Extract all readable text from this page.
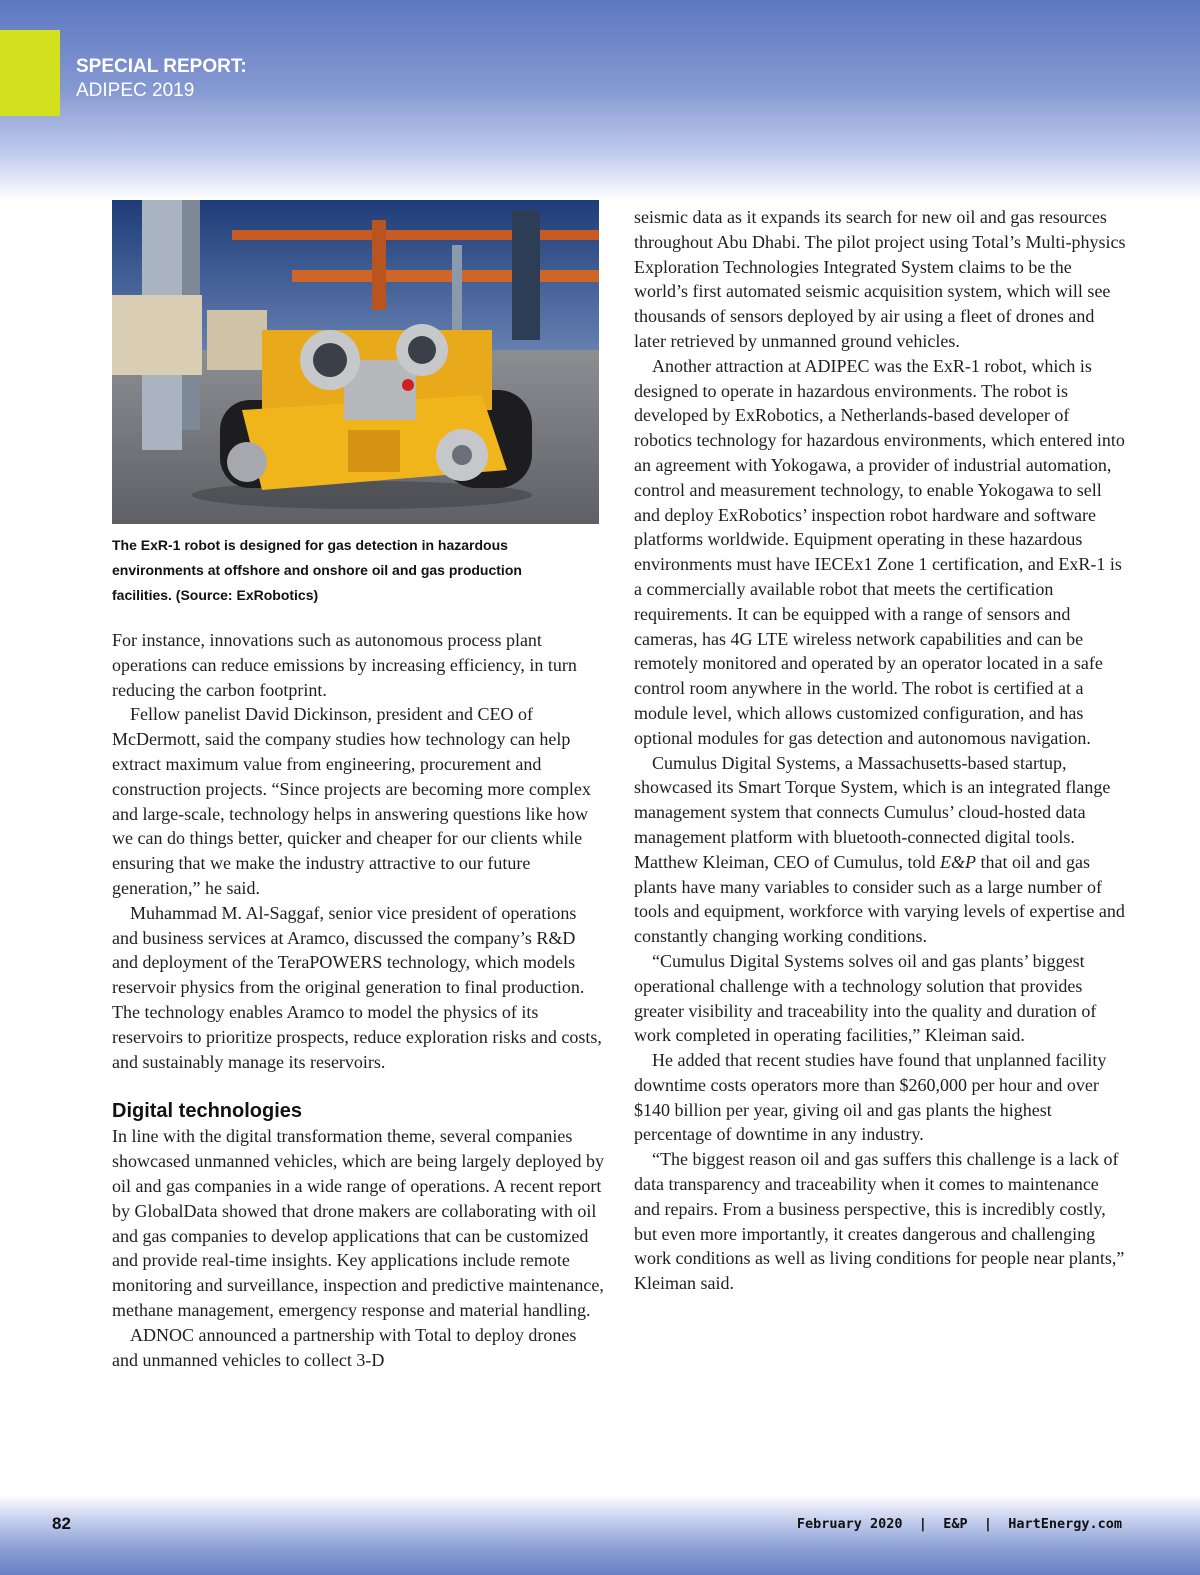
SPECIAL REPORT:
ADIPEC 2019
The ExR-1 robot is designed for gas detection in hazardous
environments at offshore and onshore oil and gas production
facilities. (Source: ExRobotics)

For instance, innovations such as autonomous process plant operations can reduce emissions by increasing efficiency, in turn reducing the carbon footprint.

Fellow panelist David Dickinson, president and CEO of McDermott, said the company studies how technology can help extract maximum value from engineering, procurement and construction projects. “Since projects are becoming more complex and large-scale, technology helps in answering questions like how we can do things better, quicker and cheaper for our clients while ensuring that we make the industry attractive to our future generation,” he said.

Muhammad M. Al-Saggaf, senior vice president of operations and business services at Aramco, discussed the company’s R&D and deployment of the TeraPOWERS technology, which models reservoir physics from the original generation to final production. The technology enables Aramco to model the physics of its reservoirs to prioritize prospects, reduce exploration risks and costs, and sustainably manage its reservoirs.

Digital technologies

In line with the digital transformation theme, several companies showcased unmanned vehicles, which are being largely deployed by oil and gas companies in a wide range of operations. A recent report by GlobalData showed that drone makers are collaborating with oil and gas companies to develop applications that can be customized and provide real-time insights. Key applications include remote monitoring and surveillance, inspection and predictive maintenance, methane management, emergency response and material handling.

ADNOC announced a partnership with Total to deploy drones and unmanned vehicles to collect 3-D

seismic data as it expands its search for new oil and gas resources throughout Abu Dhabi. The pilot project using Total’s Multi-physics Exploration Technologies Integrated System claims to be the world’s first automated seismic acquisition system, which will see thousands of sensors deployed by air using a fleet of drones and later retrieved by unmanned ground vehicles.

Another attraction at ADIPEC was the ExR-1 robot, which is designed to operate in hazardous environments. The robot is developed by ExRobotics, a Netherlands-based developer of robotics technology for hazardous environments, which entered into an agreement with Yokogawa, a provider of industrial automation, control and measurement technology, to enable Yokogawa to sell and deploy ExRobotics’ inspection robot hardware and software platforms worldwide. Equipment operating in these hazardous environments must have IECEx1 Zone 1 certification, and ExR-1 is a commercially available robot that meets the certification requirements. It can be equipped with a range of sensors and cameras, has 4G LTE wireless network capabilities and can be remotely monitored and operated by an operator located in a safe control room anywhere in the world. The robot is certified at a module level, which allows customized configuration, and has optional modules for gas detection and autonomous navigation.

Cumulus Digital Systems, a Massachusetts-based startup, showcased its Smart Torque System, which is an integrated flange management system that connects Cumulus’ cloud-hosted data management platform with bluetooth-connected digital tools. Matthew Kleiman, CEO of Cumulus, told E&P that oil and gas plants have many variables to consider such as a large number of tools and equipment, workforce with varying levels of expertise and constantly changing working conditions.

“Cumulus Digital Systems solves oil and gas plants’ biggest operational challenge with a technology solution that provides greater visibility and traceability into the quality and duration of work completed in operating facilities,” Kleiman said.

He added that recent studies have found that unplanned facility downtime costs operators more than $260,000 per hour and over $140 billion per year, giving oil and gas plants the highest percentage of downtime in any industry.

“The biggest reason oil and gas suffers this challenge is a lack of data transparency and traceability when it comes to maintenance and repairs. From a business perspective, this is incredibly costly, but even more importantly, it creates dangerous and challenging work conditions as well as living conditions for people near plants,” Kleiman said.

82	February 2020  |  E&P  |  HartEnergy.com
